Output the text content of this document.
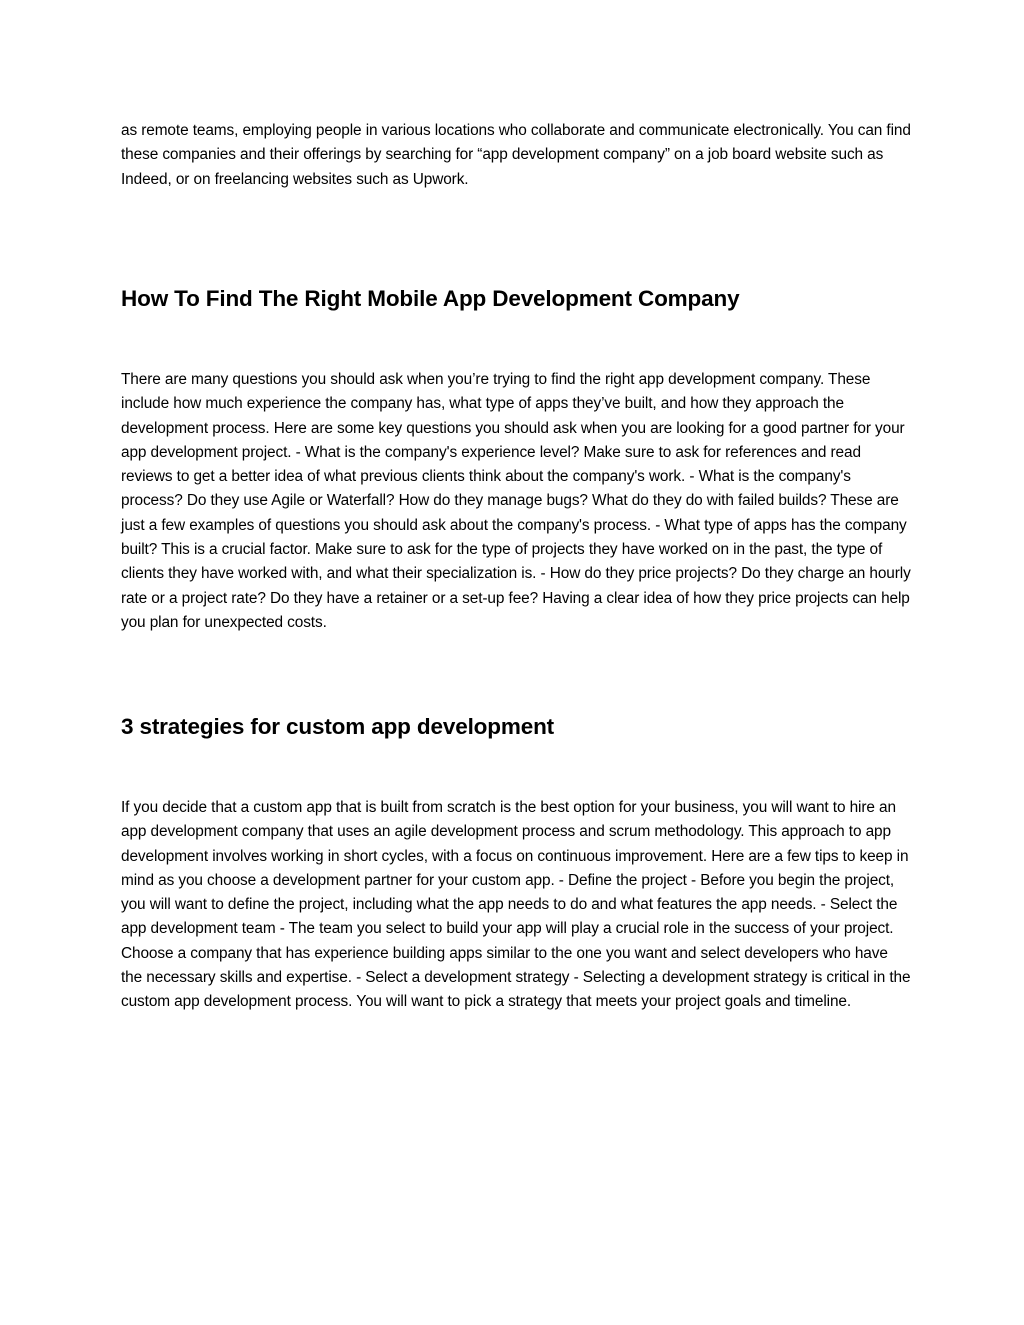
as remote teams, employing people in various locations who collaborate and communicate electronically. You can find these companies and their offerings by searching for “app development company” on a job board website such as Indeed, or on freelancing websites such as Upwork.

How To Find The Right Mobile App Development Company

There are many questions you should ask when you’re trying to find the right app development company. These include how much experience the company has, what type of apps they’ve built, and how they approach the development process. Here are some key questions you should ask when you are looking for a good partner for your app development project. - What is the company's experience level? Make sure to ask for references and read reviews to get a better idea of what previous clients think about the company's work. - What is the company's process? Do they use Agile or Waterfall? How do they manage bugs? What do they do with failed builds? These are just a few examples of questions you should ask about the company's process. - What type of apps has the company built? This is a crucial factor. Make sure to ask for the type of projects they have worked on in the past, the type of clients they have worked with, and what their specialization is. - How do they price projects? Do they charge an hourly rate or a project rate? Do they have a retainer or a set-up fee? Having a clear idea of how they price projects can help you plan for unexpected costs.

3 strategies for custom app development

If you decide that a custom app that is built from scratch is the best option for your business, you will want to hire an app development company that uses an agile development process and scrum methodology. This approach to app development involves working in short cycles, with a focus on continuous improvement. Here are a few tips to keep in mind as you choose a development partner for your custom app. - Define the project - Before you begin the project, you will want to define the project, including what the app needs to do and what features the app needs. - Select the app development team - The team you select to build your app will play a crucial role in the success of your project. Choose a company that has experience building apps similar to the one you want and select developers who have the necessary skills and expertise. - Select a development strategy - Selecting a development strategy is critical in the custom app development process. You will want to pick a strategy that meets your project goals and timeline.
